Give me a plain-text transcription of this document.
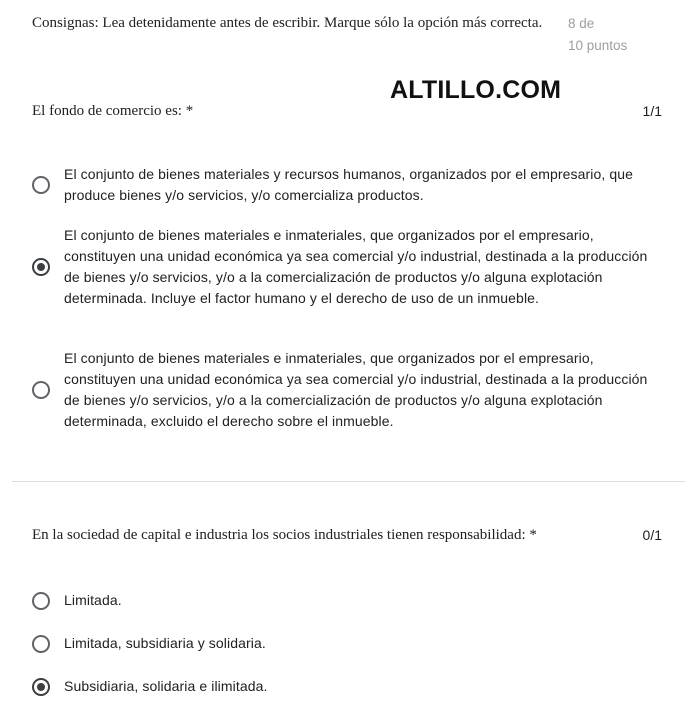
Consignas: Lea detenidamente antes de escribir. Marque sólo la opción más correcta.	8 de
10 puntos
ALTILLO.COM
El fondo de comercio es: *	1/1
El conjunto de bienes materiales y recursos humanos, organizados por el empresario, que produce bienes y/o servicios, y/o comercializa productos.
El conjunto de bienes materiales e inmateriales, que organizados por el empresario, constituyen una unidad económica ya sea comercial y/o industrial, destinada a la producción de bienes y/o servicios, y/o a la comercialización de productos y/o alguna explotación determinada. Incluye el factor humano y el derecho de uso de un inmueble.
El conjunto de bienes materiales e inmateriales, que organizados por el empresario, constituyen una unidad económica ya sea comercial y/o industrial, destinada a la producción de bienes y/o servicios, y/o a la comercialización de productos y/o alguna explotación determinada, excluido el derecho sobre el inmueble.
En la sociedad de capital e industria los socios industriales tienen responsabilidad: *	0/1
Limitada.
Limitada, subsidiaria y solidaria.
Subsidiaria, solidaria e ilimitada.
